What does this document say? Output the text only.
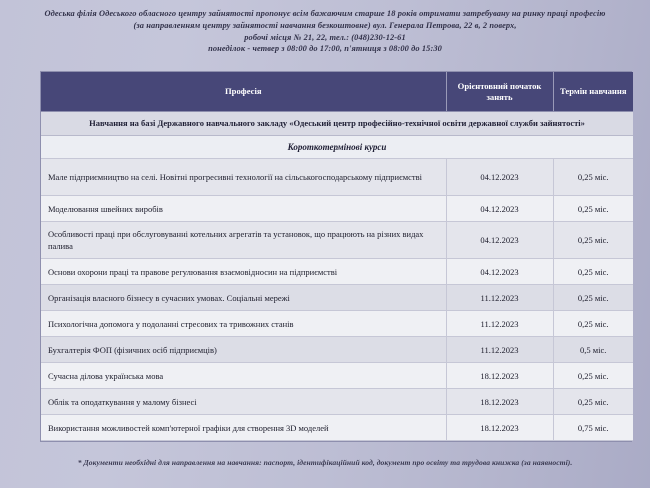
Одеська філія Одеського обласного центру зайнятості пропонує всім бажаючим старше 18 років отримати затребувану на ринку праці професію
(за направленням центру зайнятості навчання безкоштовне) вул. Генерала Петрова, 22 в, 2 поверх,
робочі місця № 21, 22, тел.: (048)230-12-61
понеділок - четвер з 08:00 до 17:00, п'ятниця з 08:00 до 15:30
Професія	Орієнтовний початок занять	Термін навчання
Навчання на базі Державного навчального закладу «Одеський центр професійно-технічної освіти державної служби зайнятості»		
Короткотермінові курси		
Мале підприємництво на селі. Новітні прогресивні технології на сільськогосподарському підприємстві	04.12.2023	0,25 міс.
Моделювання швейних виробів	04.12.2023	0,25 міс.
Особливості праці при обслуговуванні котельних агрегатів та установок, що працюють на різних видах палива	04.12.2023	0,25 міс.
Основи охорони праці та правове регулювання взаємовідносин на підприємстві	04.12.2023	0,25 міс.
Організація власного бізнесу в сучасних умовах. Соціальні мережі	11.12.2023	0,25 міс.
Психологічна допомога у подоланні стресових та тривожних станів	11.12.2023	0,25 міс.
Бухгалтерія ФОП (фізичних осіб підприємців)	11.12.2023	0,5 міс.
Сучасна ділова українська мова	18.12.2023	0,25 міс.
Облік та оподаткування у малому бізнесі	18.12.2023	0,25 міс.
Використання можливостей комп'ютерної графіки для створення 3D моделей	18.12.2023	0,75 міс.
* Документи необхідні для направлення на навчання: паспорт, ідентифікаційний код, документ про освіту та трудова книжка (за наявності).
